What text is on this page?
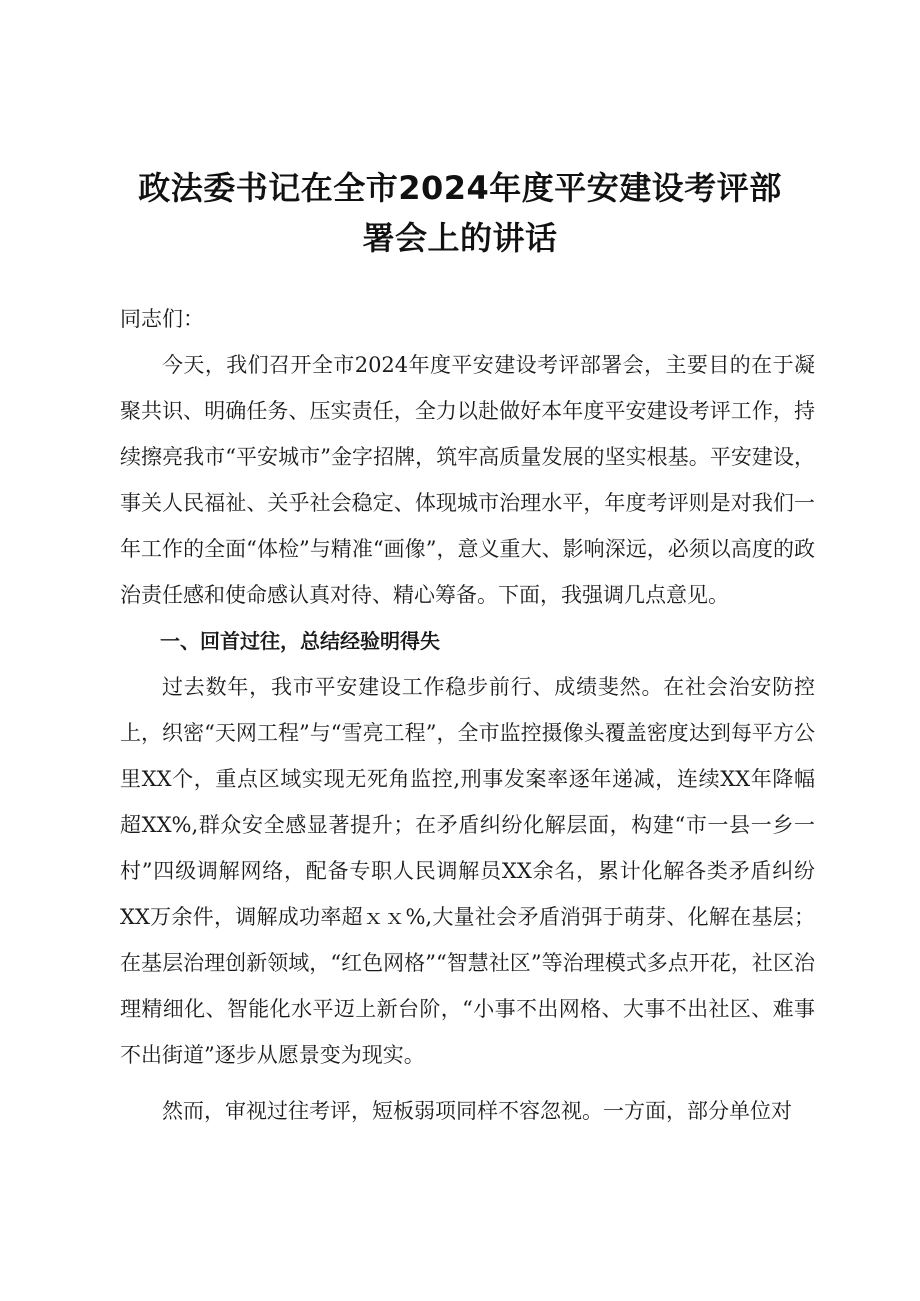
政法委书记在全市2024年度平安建设考评部
署会上的讲话

同志们：

今天，我们召开全市2024年度平安建设考评部署会，主要目的在于凝聚共识、明确任务、压实责任，全力以赴做好本年度平安建设考评工作，持续擦亮我市“平安城市”金字招牌，筑牢高质量发展的坚实根基。平安建设，事关人民福祉、关乎社会稳定、体现城市治理水平，年度考评则是对我们一年工作的全面“体检”与精准“画像”，意义重大、影响深远，必须以高度的政治责任感和使命感认真对待、精心筹备。下面，我强调几点意见。

一、回首过往，总结经验明得失

过去数年，我市平安建设工作稳步前行、成绩斐然。在社会治安防控上，织密“天网工程”与“雪亮工程”，全市监控摄像头覆盖密度达到每平方公里XX个，重点区域实现无死角监控,刑事发案率逐年递减，连续XX年降幅超XX%,群众安全感显著提升；在矛盾纠纷化解层面，构建“市一县一乡一村”四级调解网络，配备专职人民调解员XX余名，累计化解各类矛盾纠纷XX万余件，调解成功率超ｘｘ%,大量社会矛盾消弭于萌芽、化解在基层；在基层治理创新领域，“红色网格”“智慧社区”等治理模式多点开花，社区治理精细化、智能化水平迈上新台阶，“小事不出网格、大事不出社区、难事不出街道”逐步从愿景变为现实。

然而，审视过往考评，短板弱项同样不容忽视。一方面，部分单位对
